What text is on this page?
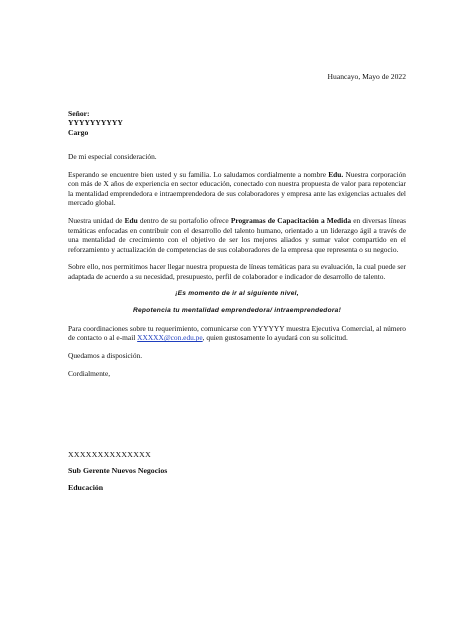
Huancayo, Mayo de 2022
Señor:
YYYYYYYYYY
Cargo

De mi especial consideración.

Esperando se encuentre bien usted y su familia. Lo saludamos cordialmente a nombre Edu. Nuestra corporación con más de X años de experiencia en sector educación, conectado con nuestra propuesta de valor para repotenciar la mentalidad emprendedora e intraemprendedora de sus colaboradores y empresa ante las exigencias actuales del mercado global.

Nuestra unidad de Edu dentro de su portafolio ofrece Programas de Capacitación a Medida en diversas líneas temáticas enfocadas en contribuir con el desarrollo del talento humano, orientado a un liderazgo ágil a través de una mentalidad de crecimiento con el objetivo de ser los mejores aliados y sumar valor compartido en el reforzamiento y actualización de competencias de sus colaboradores de la empresa que representa o su negocio.

Sobre ello, nos permitimos hacer llegar nuestra propuesta de líneas temáticas para su evaluación, la cual puede ser adaptada de acuerdo a su necesidad, presupuesto, perfil de colaborador e indicador de desarrollo de talento.

¡Es momento de ir al siguiente nivel,

Repotencia tu mentalidad emprendedora/ intraemprendedora!

Para coordinaciones sobre tu requerimiento, comunicarse con YYYYYY muestra Ejecutiva Comercial, al número de contacto o al e-mail XXXXX@con.edu.pe, quien gustosamente lo ayudará con su solicitud.

Quedamos a disposición.

Cordialmente,

XXXXXXXXXXXXXX
Sub Gerente Nuevos Negocios
Educación
